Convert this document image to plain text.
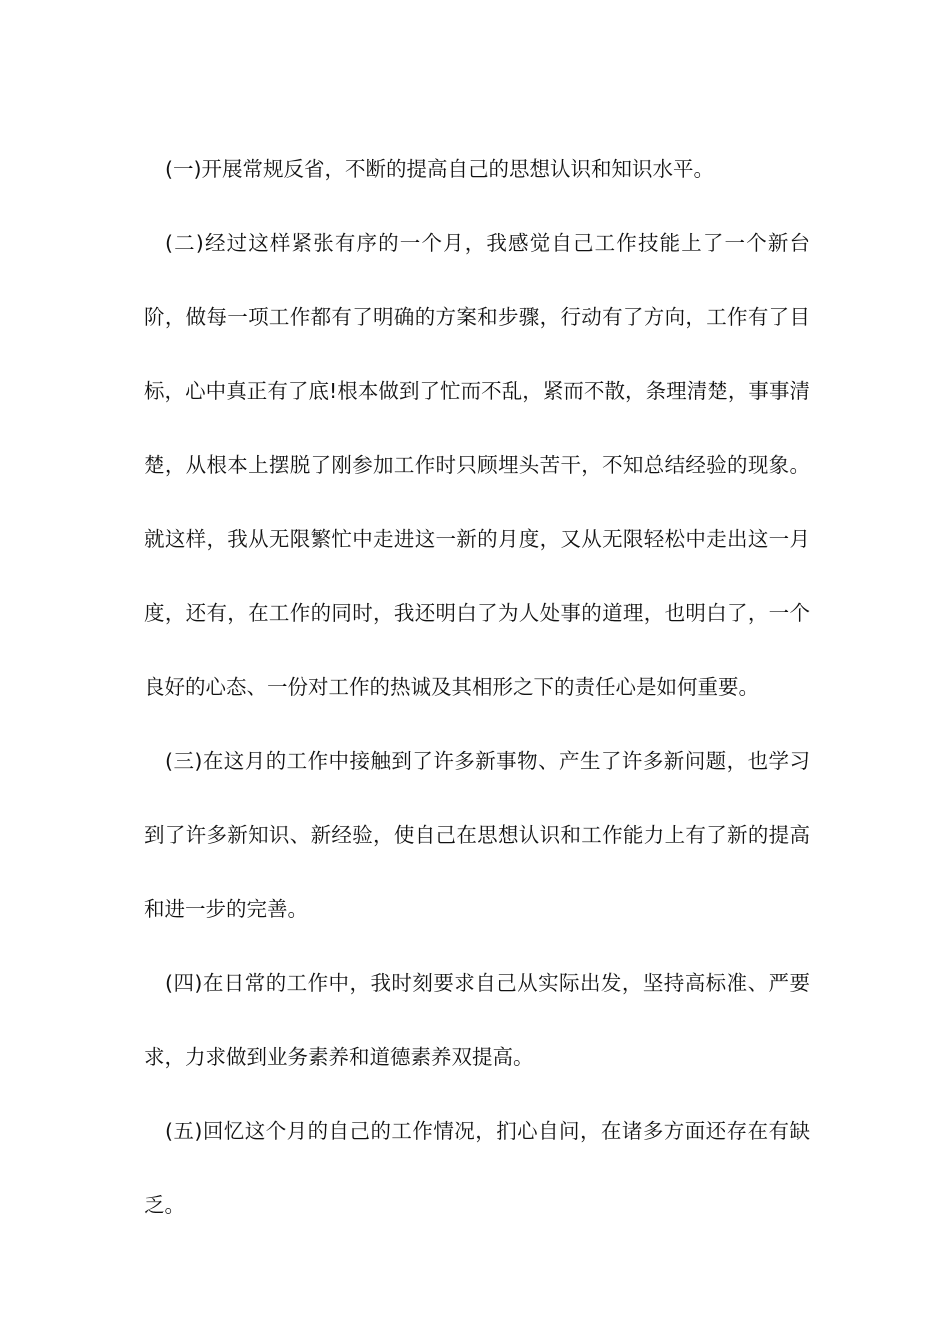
(一)开展常规反省，不断的提高自己的思想认识和知识水平。

(二)经过这样紧张有序的一个月，我感觉自己工作技能上了一个新台阶，做每一项工作都有了明确的方案和步骤，行动有了方向，工作有了目标，心中真正有了底!根本做到了忙而不乱，紧而不散，条理清楚，事事清楚，从根本上摆脱了刚参加工作时只顾埋头苦干，不知总结经验的现象。就这样，我从无限繁忙中走进这一新的月度，又从无限轻松中走出这一月度，还有，在工作的同时，我还明白了为人处事的道理，也明白了，一个良好的心态、一份对工作的热诚及其相形之下的责任心是如何重要。

(三)在这月的工作中接触到了许多新事物、产生了许多新问题，也学习到了许多新知识、新经验，使自己在思想认识和工作能力上有了新的提高和进一步的完善。

(四)在日常的工作中，我时刻要求自己从实际出发，坚持高标准、严要求，力求做到业务素养和道德素养双提高。

(五)回忆这个月的自己的工作情况，扪心自问，在诸多方面还存在有缺乏。
